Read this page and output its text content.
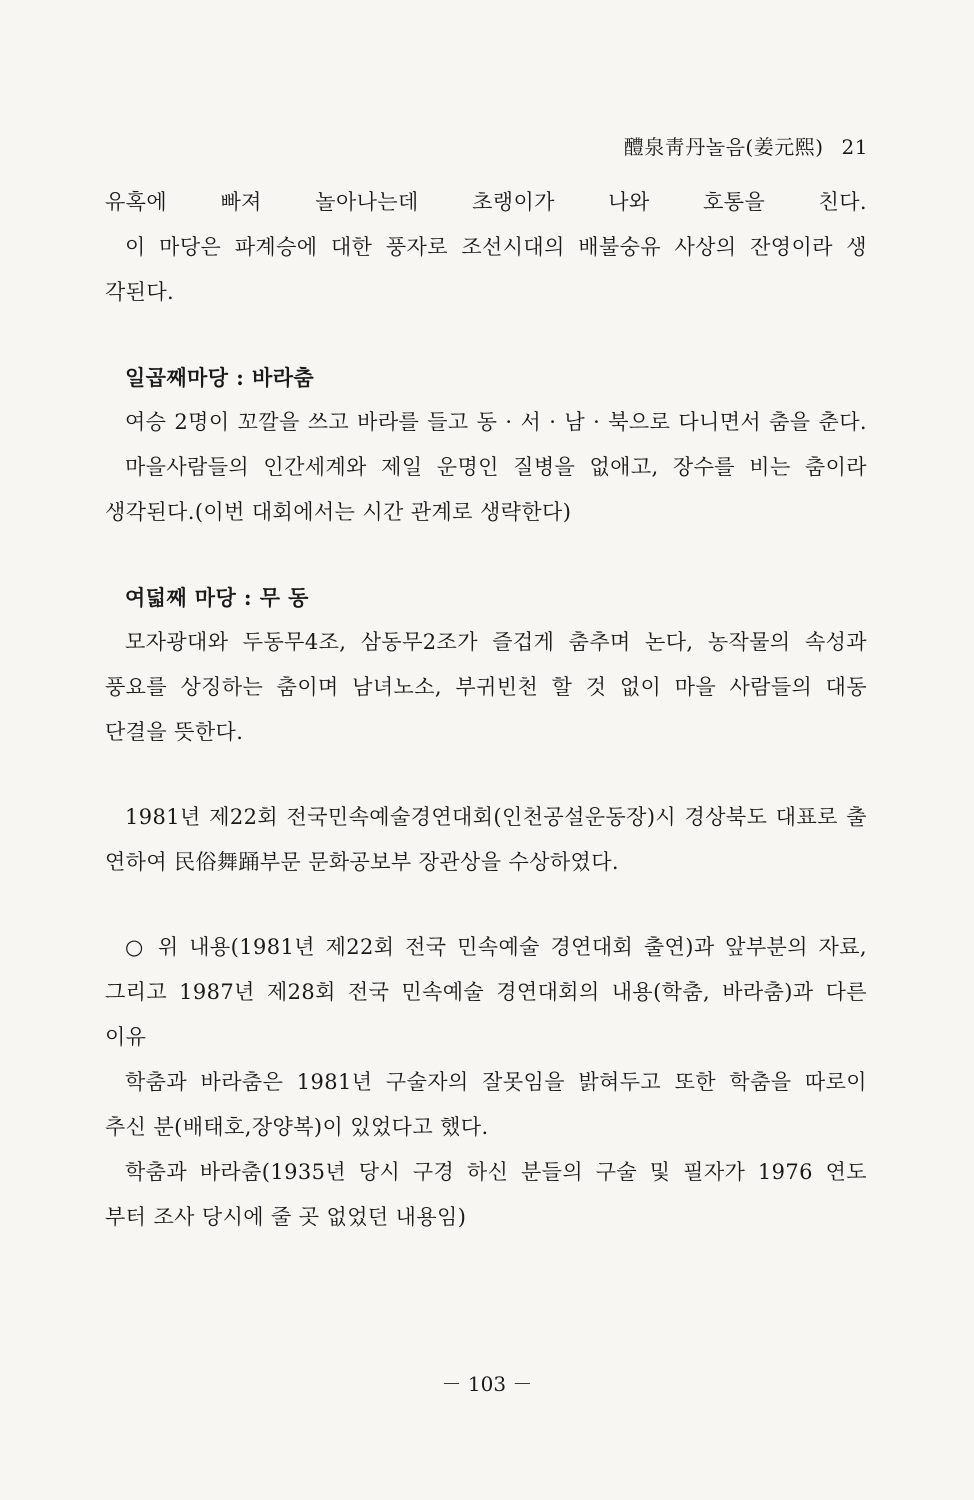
醴泉靑丹놀음(姜元熙) 21
유혹에 빠져 놀아나는데 초랭이가 나와 호통을 친다.
이 마당은 파계승에 대한 풍자로 조선시대의 배불숭유 사상의 잔영이라 생
각된다.
일곱째마당 : 바라춤
여승 2명이 꼬깔을 쓰고 바라를 들고 동 · 서 · 남 · 북으로 다니면서 춤을 춘다.
마을사람들의 인간세계와 제일 운명인 질병을 없애고, 장수를 비는 춤이라
생각된다.(이번 대회에서는 시간 관계로 생략한다)
여덟째 마당 : 무 동
모자광대와 두동무4조, 삼동무2조가 즐겁게 춤추며 논다, 농작물의 속성과
풍요를 상징하는 춤이며 남녀노소, 부귀빈천 할 것 없이 마을 사람들의 대동
단결을 뜻한다.
1981년 제22회 전국민속예술경연대회(인천공설운동장)시 경상북도 대표로 출
연하여 民俗舞踊부문 문화공보부 장관상을 수상하였다.
○ 위 내용(1981년 제22회 전국 민속예술 경연대회 출연)과 앞부분의 자료,
그리고 1987년 제28회 전국 민속예술 경연대회의 내용(학춤, 바라춤)과 다른
이유
학춤과 바라춤은 1981년 구술자의 잘못임을 밝혀두고 또한 학춤을 따로이
추신 분(배태호,장양복)이 있었다고 했다.
학춤과 바라춤(1935년 당시 구경 하신 분들의 구술 및 필자가 1976 연도
부터 조사 당시에 줄 곳 없었던 내용임)
－ 103 －
